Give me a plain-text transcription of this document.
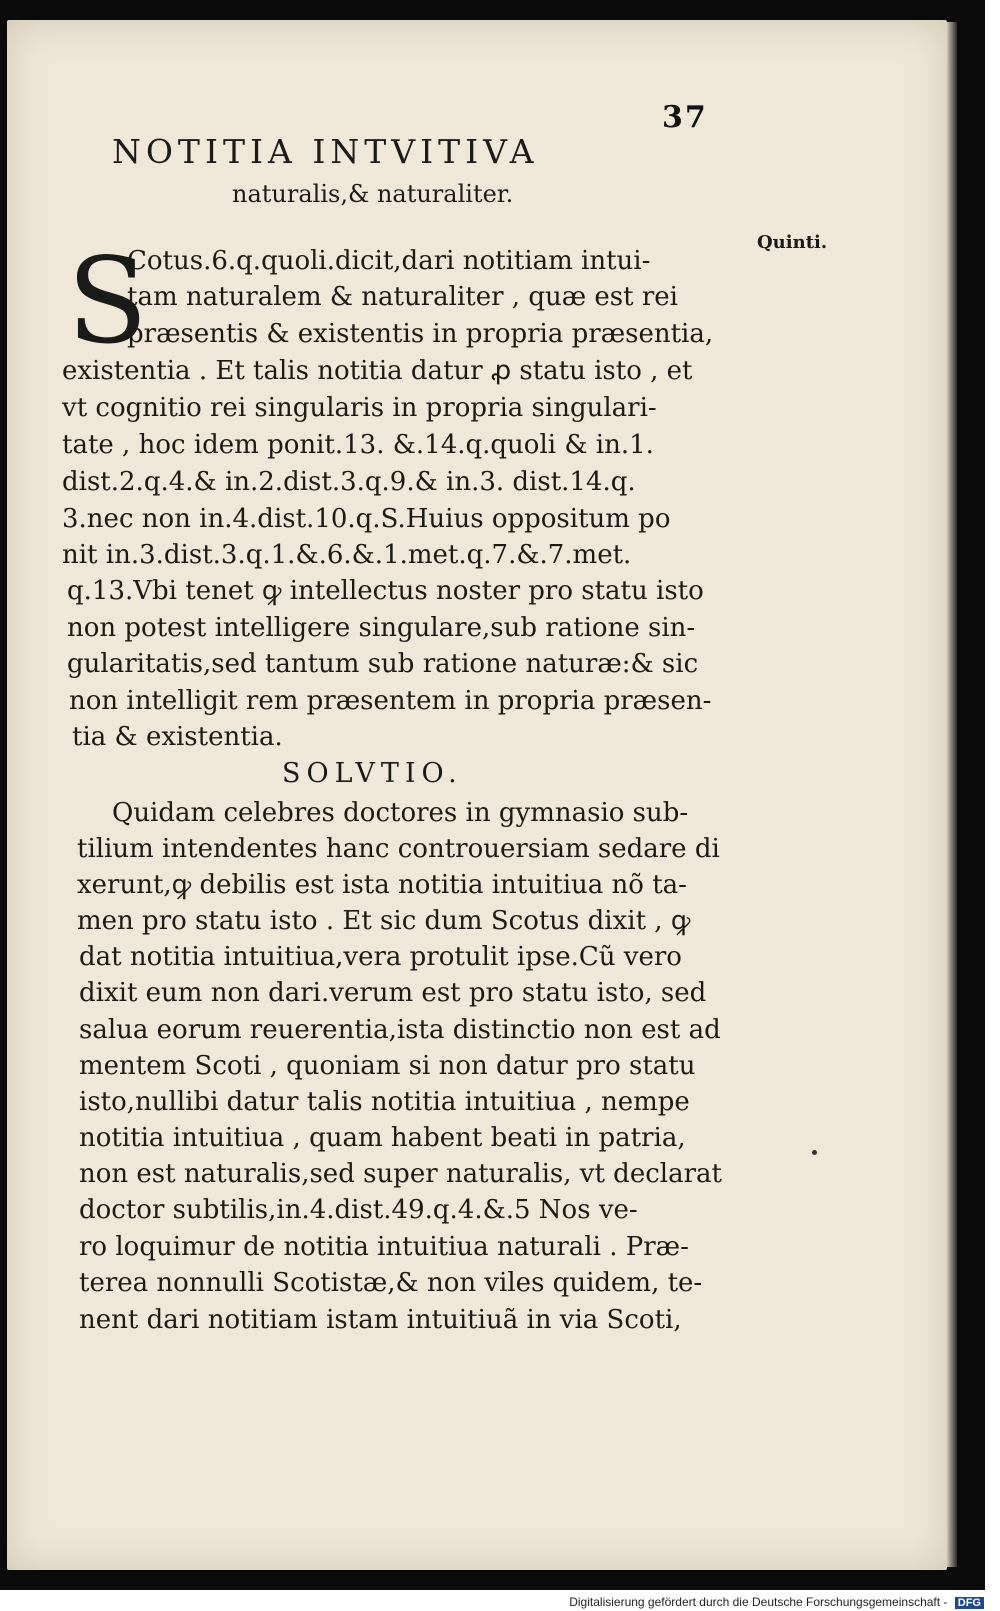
37
NOTITIA INTVITIVA
naturalis,& naturaliter.
Quinti.
S
Cotus.6.q.quoli.dicit,dari notitiam intui-
tam naturalem & naturaliter , quæ est rei
præsentis & existentis in propria præsentia,
existentia . Et talis notitia datur ꝓ statu isto , et
vt cognitio rei singularis in propria singulari-
tate , hoc idem ponit.13. &.14.q.quoli & in.1.
dist.2.q.4.& in.2.dist.3.q.9.& in.3. dist.14.q.
3.nec non in.4.dist.10.q.S.Huius oppositum po
nit in.3.dist.3.q.1.&.6.&.1.met.q.7.&.7.met.
q.13.Vbi tenet ꝙ intellectus noster pro statu isto
non potest intelligere singulare,sub ratione sin-
gularitatis,sed tantum sub ratione naturæ:& sic
non intelligit rem præsentem in propria præsen-
tia & existentia.
SOLVTIO.
Quidam celebres doctores in gymnasio sub-
tilium intendentes hanc controuersiam sedare di
xerunt,ꝙ debilis est ista notitia intuitiua nõ ta-
men pro statu isto . Et sic dum Scotus dixit , ꝙ
dat notitia intuitiua,vera protulit ipse.Cũ vero
dixit eum non dari.verum est pro statu isto, sed
salua eorum reuerentia,ista distinctio non est ad
mentem Scoti , quoniam si non datur pro statu
isto,nullibi datur talis notitia intuitiua , nempe
notitia intuitiua , quam habent beati in patria,
non est naturalis,sed super naturalis, vt declarat
doctor subtilis,in.4.dist.49.q.4.&.5 Nos ve-
ro loquimur de notitia intuitiua naturali . Præ-
terea nonnulli Scotistæ,& non viles quidem, te-
nent dari notitiam istam intuitiuã in via Scoti,
Digitalisierung gefördert durch die Deutsche Forschungsgemeinschaft - DFG
